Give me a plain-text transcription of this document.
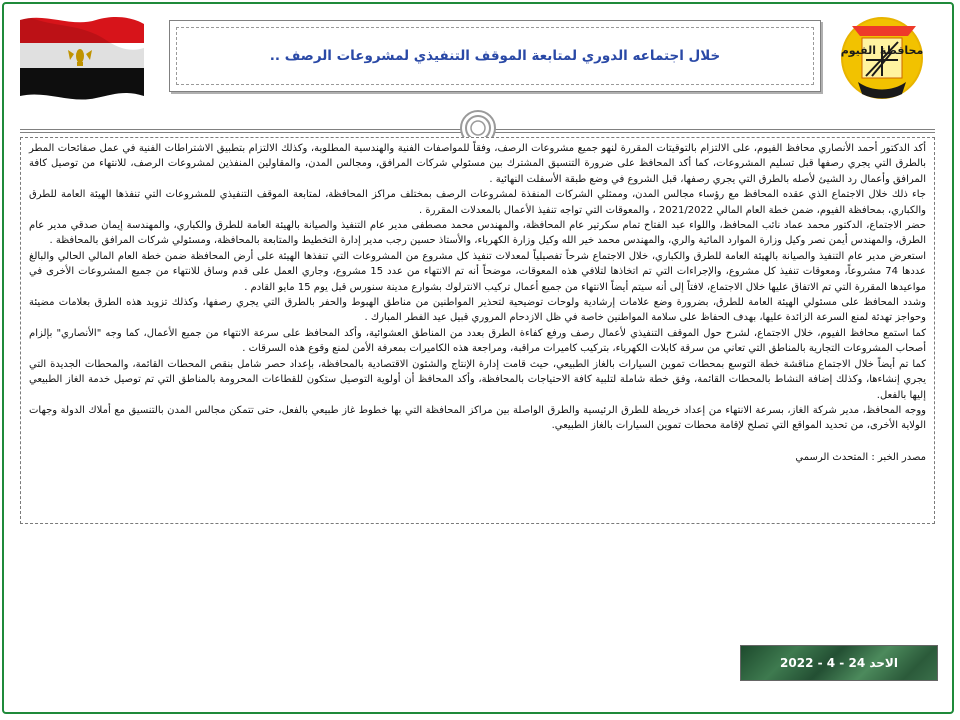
محافظة الفيوم
خلال اجتماعه الدوري لمتابعة الموقف التنفيذي لمشروعات الرصف ..

أكد الدكتور أحمد الأنصاري محافظ الفيوم، على الالتزام بالتوقيتات المقررة لنهو جميع مشروعات الرصف، وفقاً للمواصفات الفنية والهندسية المطلوبة، وكذلك الالتزام بتطبيق الاشتراطات الفنية في عمل صفائحات المطر بالطرق التي يجري رصفها قبل تسليم المشروعات، كما أكد المحافظ على ضرورة التنسيق المشترك بين مسئولي شركات المرافق، ومجالس المدن، والمقاولين المنفذين لمشروعات الرصف، للانتهاء من توصيل كافة المرافق وأعمال رد الشيئ لأصله بالطرق التي يجري رصفها، قبل الشروع في وضع طبقة الأسفلت النهائية .

جاء ذلك خلال الاجتماع الذي عقده المحافظ مع رؤساء مجالس المدن، وممثلي الشركات المنفذة لمشروعات الرصف بمختلف مراكز المحافظة، لمتابعة الموقف التنفيذي للمشروعات التي تنفذها الهيئة العامة للطرق والكباري، بمحافظة الفيوم، ضمن خطة العام المالي 2021/2022 ، والمعوقات التي تواجه تنفيذ الأعمال بالمعدلات المقررة .

حضر الاجتماع، الدكتور محمد عماد نائب المحافظ، واللواء عبد الفتاح تمام سكرتير عام المحافظة، والمهندس محمد مصطفى مدير عام التنفيذ والصيانة بالهيئة العامة للطرق والكباري، والمهندسة إيمان صدقي مدير عام الطرق، والمهندس أيمن نصر وكيل وزارة الموارد المائية والري، والمهندس محمد خير الله وكيل وزارة الكهرباء، والأستاذ حسين رجب مدير إدارة التخطيط والمتابعة بالمحافظة، ومسئولي شركات المرافق بالمحافظة .

استعرض مدير عام التنفيذ والصيانة بالهيئة العامة للطرق والكباري، خلال الاجتماع شرحاً تفصيلياً لمعدلات تنفيذ كل مشروع من المشروعات التي تنفذها الهيئة على أرض المحافظة ضمن خطة العام المالي الحالي والبالغ عددها 74 مشروعاً، ومعوقات تنفيذ كل مشروع، والإجراءات التي تم اتخاذها لتلافي هذه المعوقات، موضحاً أنه تم الانتهاء من عدد 15 مشروع، وجاري العمل على قدم وساق للانتهاء من جميع المشروعات الأخرى في مواعيدها المقررة التي تم الاتفاق عليها خلال الاجتماع، لافتاً إلى أنه سيتم أيضاً الانتهاء من جميع أعمال تركيب الانترلوك بشوارع مدينة سنورس قبل يوم 15 مايو القادم .

وشدد المحافظ على مسئولي الهيئة العامة للطرق، بضرورة وضع علامات إرشادية ولوحات توضيحية لتحذير المواطنين من مناطق الهبوط والحفر بالطرق التي يجري رصفها، وكذلك تزويد هذه الطرق بعلامات مضيئة وحواجز تهدئة لمنع السرعة الزائدة عليها، بهدف الحفاظ على سلامة المواطنين خاصة في ظل الازدحام المروري قبيل عيد الفطر المبارك .

كما استمع محافظ الفيوم، خلال الاجتماع، لشرح حول الموقف التنفيذي لأعمال رصف ورفع كفاءة الطرق بعدد من المناطق العشوائية، وأكد المحافظ على سرعة الانتهاء من جميع الأعمال، كما وجه "الأنصاري" بإلزام أصحاب المشروعات التجارية بالمناطق التي تعاني من سرقة كابلات الكهرباء، بتركيب كاميرات مراقبة، ومراجعة هذه الكاميرات بمعرفة الأمن لمنع وقوع هذه السرقات .

كما تم أيضاً خلال الاجتماع مناقشة خطة التوسع بمحطات تموين السيارات بالغاز الطبيعي، حيث قامت إدارة الإنتاج والشئون الاقتصادية بالمحافظة، بإعداد حصر شامل بنقص المحطات القائمة، والمحطات الجديدة التي يجري إنشاءها، وكذلك إضافة النشاط بالمحطات القائمة، وفق خطة شاملة لتلبية كافة الاحتياجات بالمحافظة، وأكد المحافظ أن أولوية التوصيل ستكون للقطاعات المحرومة بالمناطق التي تم توصيل خدمة الغاز الطبيعي إليها بالفعل.

ووجه المحافظ، مدير شركة الغاز، بسرعة الانتهاء من إعداد خريطة للطرق الرئيسية والطرق الواصلة بين مراكز المحافظة التي بها خطوط غاز طبيعي بالفعل، حتى تتمكن مجالس المدن بالتنسيق مع أملاك الدولة وجهات الولاية الأخرى، من تحديد المواقع التي تصلح لإقامة محطات تموين السيارات بالغاز الطبيعي.

مصدر الخبر : المتحدث الرسمي

الاحد 24 - 4 - 2022
